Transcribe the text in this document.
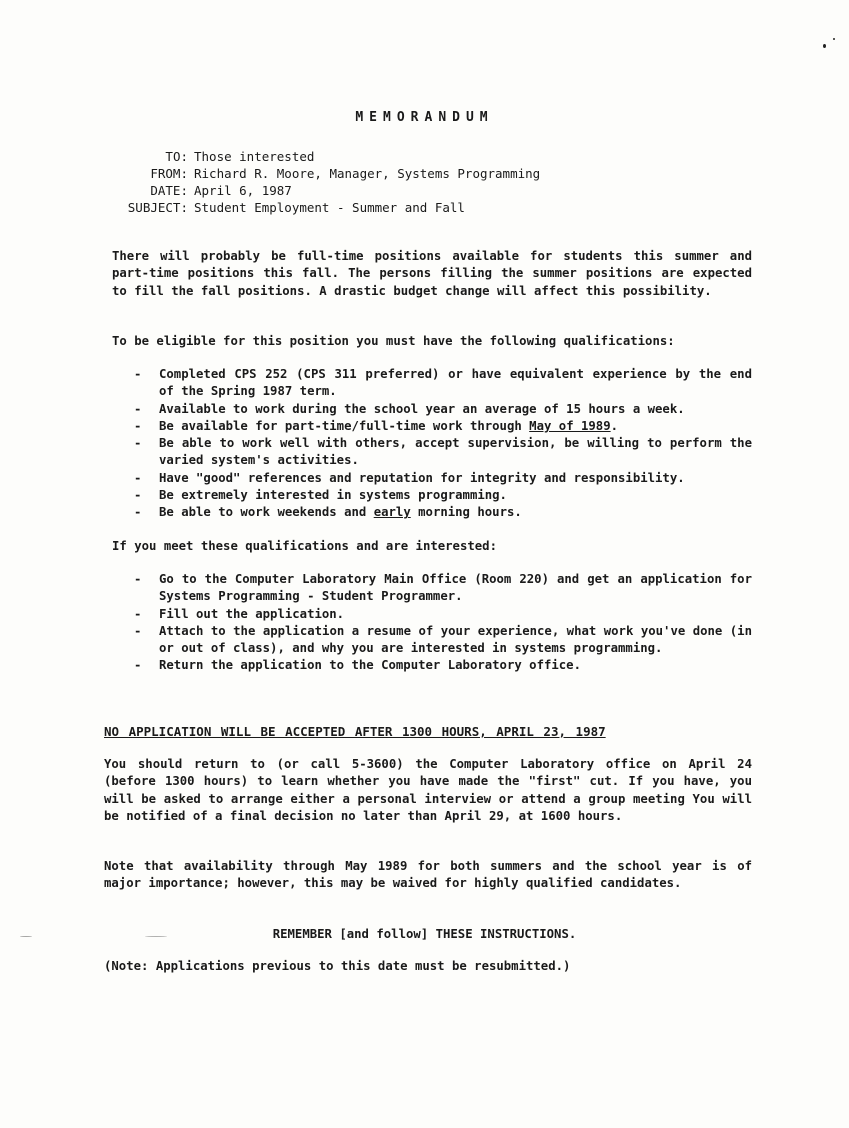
MEMORANDUM
TO: Those interested
FROM: Richard R. Moore, Manager, Systems Programming
DATE: April 6, 1987
SUBJECT: Student Employment - Summer and Fall
There will probably be full-time positions available for students this summer and part-time positions this fall. The persons filling the summer positions are expected to fill the fall positions. A drastic budget change will affect this possibility.
To be eligible for this position you must have the following qualifications:
- Completed CPS 252 (CPS 311 preferred) or have equivalent experience by the end of the Spring 1987 term.
- Available to work during the school year an average of 15 hours a week.
- Be available for part-time/full-time work through May of 1989.
- Be able to work well with others, accept supervision, be willing to perform the varied system's activities.
- Have "good" references and reputation for integrity and responsibility.
- Be extremely interested in systems programming.
- Be able to work weekends and early morning hours.
If you meet these qualifications and are interested:
- Go to the Computer Laboratory Main Office (Room 220) and get an application for Systems Programming - Student Programmer.
- Fill out the application.
- Attach to the application a resume of your experience, what work you've done (in or out of class), and why you are interested in systems programming.
- Return the application to the Computer Laboratory office.
NO APPLICATION WILL BE ACCEPTED AFTER 1300 HOURS, APRIL 23, 1987
You should return to (or call 5-3600) the Computer Laboratory office on April 24 (before 1300 hours) to learn whether you have made the "first" cut. If you have, you will be asked to arrange either a personal interview or attend a group meeting You will be notified of a final decision no later than April 29, at 1600 hours.
Note that availability through May 1989 for both summers and the school year is of major importance; however, this may be waived for highly qualified candidates.
REMEMBER [and follow] THESE INSTRUCTIONS.
(Note: Applications previous to this date must be resubmitted.)
